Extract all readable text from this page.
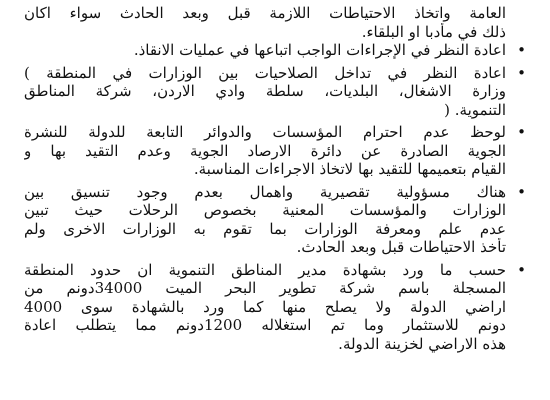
العامة واتخاذ الاحتياطات اللازمة قبل وبعد الحادث سواء اكان
ذلك في مأدبا او البلقاء.
•
اعادة النظر في الإجراءات الواجب اتباعها في عمليات الانقاذ.
•
اعادة النظر في تداخل الصلاحيات بين الوزارات في المنطقة )
وزارة الاشغال، البلديات، سلطة وادي الاردن، شركة المناطق
التنموية. (
•
لوحظ عدم احترام المؤسسات والدوائر التابعة للدولة للنشرة
الجوية الصادرة عن دائرة الارصاد الجوية وعدم التقيد بها و
القيام بتعميمها للتقيد بها لاتخاذ الاجراءات المناسبة.
•
هناك مسؤولية تقصيرية واهمال بعدم وجود تنسيق بين
الوزارات والمؤسسات المعنية بخصوص الرحلات حيث تبين
عدم علم ومعرفة الوزارات بما تقوم به الوزارات الاخرى ولم
تأخذ الاحتياطات قبل وبعد الحادث.
•
حسب ما ورد بشهادة مدير المناطق التنموية ان حدود المنطقة
المسجلة باسم شركة تطوير البحر الميت 34000دونم من
اراضي الدولة ولا يصلح منها كما ورد بالشهادة سوى 4000
دونم للاستثمار وما تم استغلاله 1200دونم مما يتطلب اعادة
هذه الاراضي لخزينة الدولة.
